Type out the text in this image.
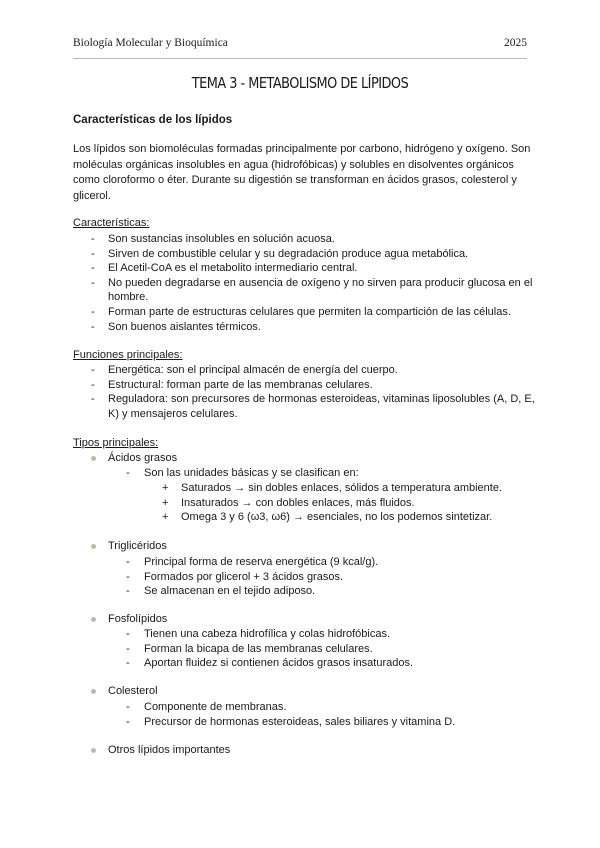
Biología Molecular y Bioquímica	2025
TEMA 3 - METABOLISMO DE LÍPIDOS
Características de los lípidos
Los lípidos son biomoléculas formadas principalmente por carbono, hidrógeno y oxígeno. Son moléculas orgánicas insolubles en agua (hidrofóbicas) y solubles en disolventes orgánicos como cloroformo o éter. Durante su digestión se transforman en ácidos grasos, colesterol y glicerol.
Características:
- Son sustancias insolubles en solución acuosa.
- Sirven de combustible celular y su degradación produce agua metabólica.
- El Acetil-CoA es el metabolito intermediario central.
- No pueden degradarse en ausencia de oxígeno y no sirven para producir glucosa en el hombre.
- Forman parte de estructuras celulares que permiten la compartición de las células.
- Son buenos aislantes térmicos.
Funciones principales:
- Energética: son el principal almacén de energía del cuerpo.
- Estructural: forman parte de las membranas celulares.
- Reguladora: son precursores de hormonas esteroideas, vitaminas liposolubles (A, D, E, K) y mensajeros celulares.
Tipos principales:
Ácidos grasos
- Son las unidades básicas y se clasifican en:
+ Saturados → sin dobles enlaces, sólidos a temperatura ambiente.
+ Insaturados → con dobles enlaces, más fluidos.
+ Omega 3 y 6 (ω3, ω6) → esenciales, no los podemos sintetizar.
Triglicéridos
- Principal forma de reserva energética (9 kcal/g).
- Formados por glicerol + 3 ácidos grasos.
- Se almacenan en el tejido adiposo.
Fosfolípidos
- Tienen una cabeza hidrofílica y colas hidrofóbicas.
- Forman la bicapa de las membranas celulares.
- Aportan fluidez si contienen ácidos grasos insaturados.
Colesterol
- Componente de membranas.
- Precursor de hormonas esteroideas, sales biliares y vitamina D.
Otros lípidos importantes
